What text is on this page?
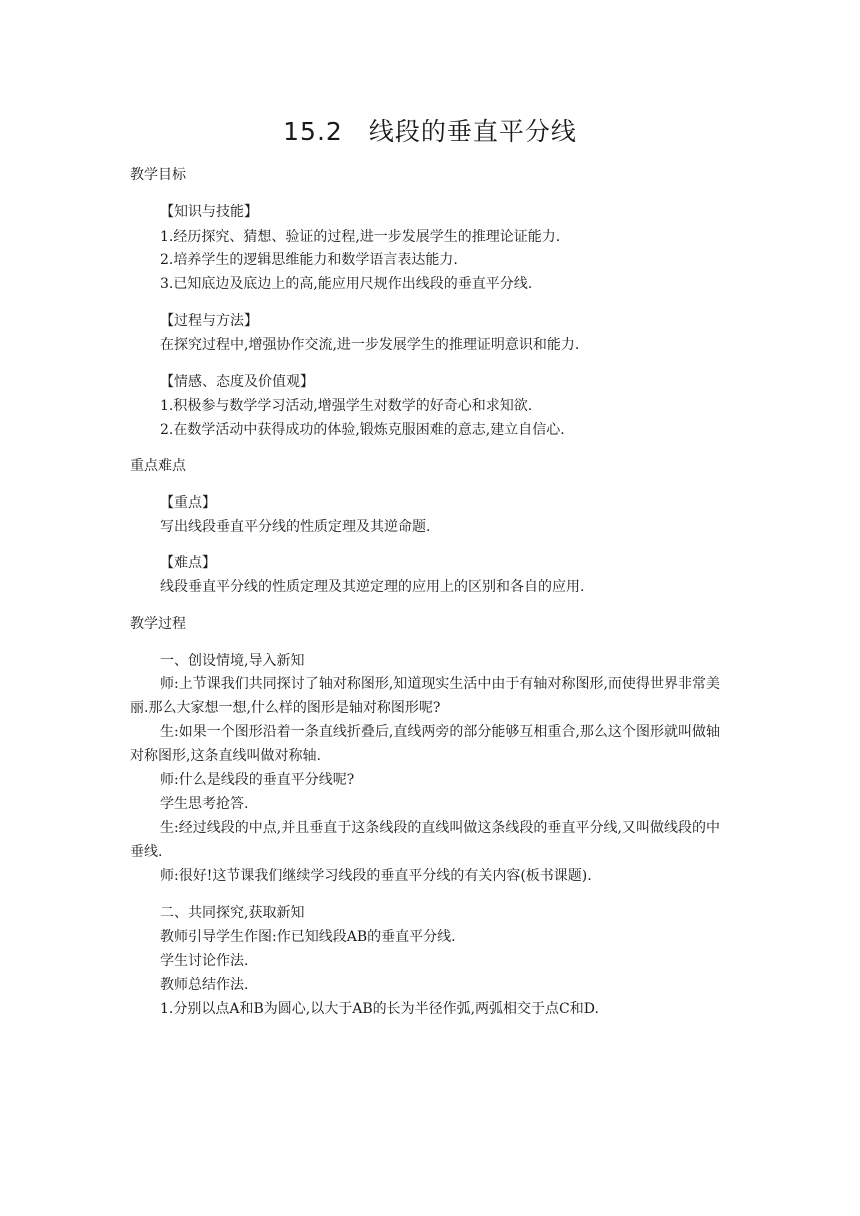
15.2　线段的垂直平分线
教学目标
【知识与技能】
1.经历探究、猜想、验证的过程,进一步发展学生的推理论证能力.
2.培养学生的逻辑思维能力和数学语言表达能力.
3.已知底边及底边上的高,能应用尺规作出线段的垂直平分线.
【过程与方法】
在探究过程中,增强协作交流,进一步发展学生的推理证明意识和能力.
【情感、态度及价值观】
1.积极参与数学学习活动,增强学生对数学的好奇心和求知欲.
2.在数学活动中获得成功的体验,锻炼克服困难的意志,建立自信心.
重点难点
【重点】
写出线段垂直平分线的性质定理及其逆命题.
【难点】
线段垂直平分线的性质定理及其逆定理的应用上的区别和各自的应用.
教学过程
一、创设情境,导入新知
师:上节课我们共同探讨了轴对称图形,知道现实生活中由于有轴对称图形,而使得世界非常美丽.那么大家想一想,什么样的图形是轴对称图形呢?
生:如果一个图形沿着一条直线折叠后,直线两旁的部分能够互相重合,那么这个图形就叫做轴对称图形,这条直线叫做对称轴.
师:什么是线段的垂直平分线呢?
学生思考抢答.
生:经过线段的中点,并且垂直于这条线段的直线叫做这条线段的垂直平分线,又叫做线段的中垂线.
师:很好!这节课我们继续学习线段的垂直平分线的有关内容(板书课题).
二、共同探究,获取新知
教师引导学生作图:作已知线段AB的垂直平分线.
学生讨论作法.
教师总结作法.
1.分别以点A和B为圆心,以大于AB的长为半径作弧,两弧相交于点C和D.
